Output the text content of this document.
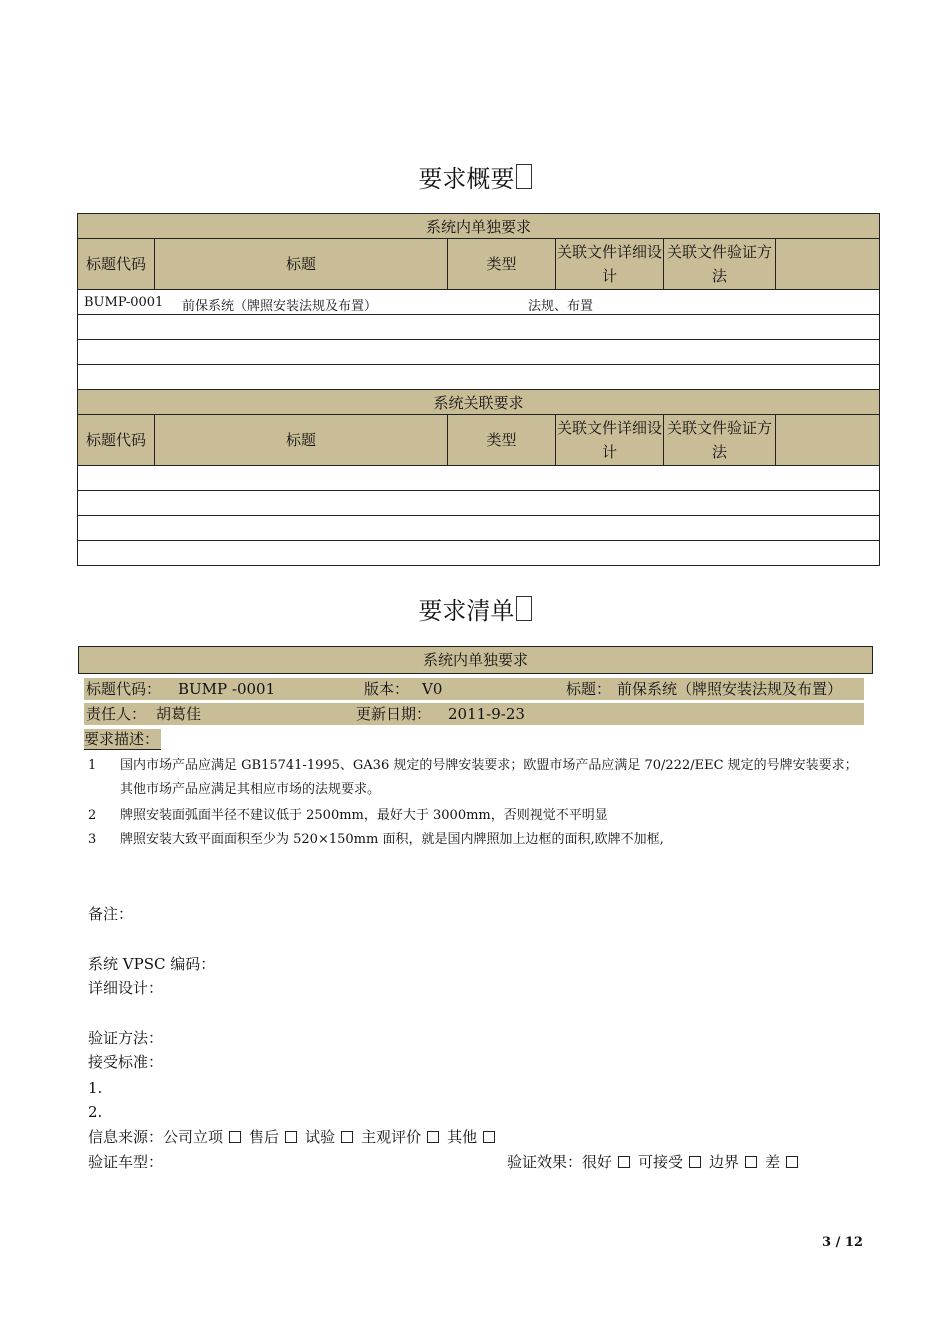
要求概要
系统内单独要求					
标题代码	标题	类型	关联文件详细设计	关联文件验证方法	

BUMP-0001 前保系统（牌照安装法规及布置） 法规、布置					

系统关联要求					
标题代码	标题	类型	关联文件详细设计	关联文件验证方法	

要求清单
系统内单独要求
标题代码： BUMP -0001	版本： V0	标题： 前保系统（牌照安装法规及布置）
责任人： 胡葛佳	更新日期： 2011-9-23
要求描述：
1 国内市场产品应满足 GB15741-1995、GA36 规定的号牌安装要求；欧盟市场产品应满足 70/222/EEC 规定的号牌安装要求；
其他市场产品应满足其相应市场的法规要求。
2 牌照安装面弧面半径不建议低于 2500mm，最好大于 3000mm，否则视觉不平明显
3 牌照安装大致平面面积至少为 520×150mm 面积，就是国内牌照加上边框的面积,欧牌不加框,
备注：
系统 VPSC 编码：
详细设计：
验证方法：
接受标准：
1.
2.
信息来源：公司立项 售后 试验 主观评价 其他
验证车型：	验证效果：很好 可接受 边界 差
3 / 12
